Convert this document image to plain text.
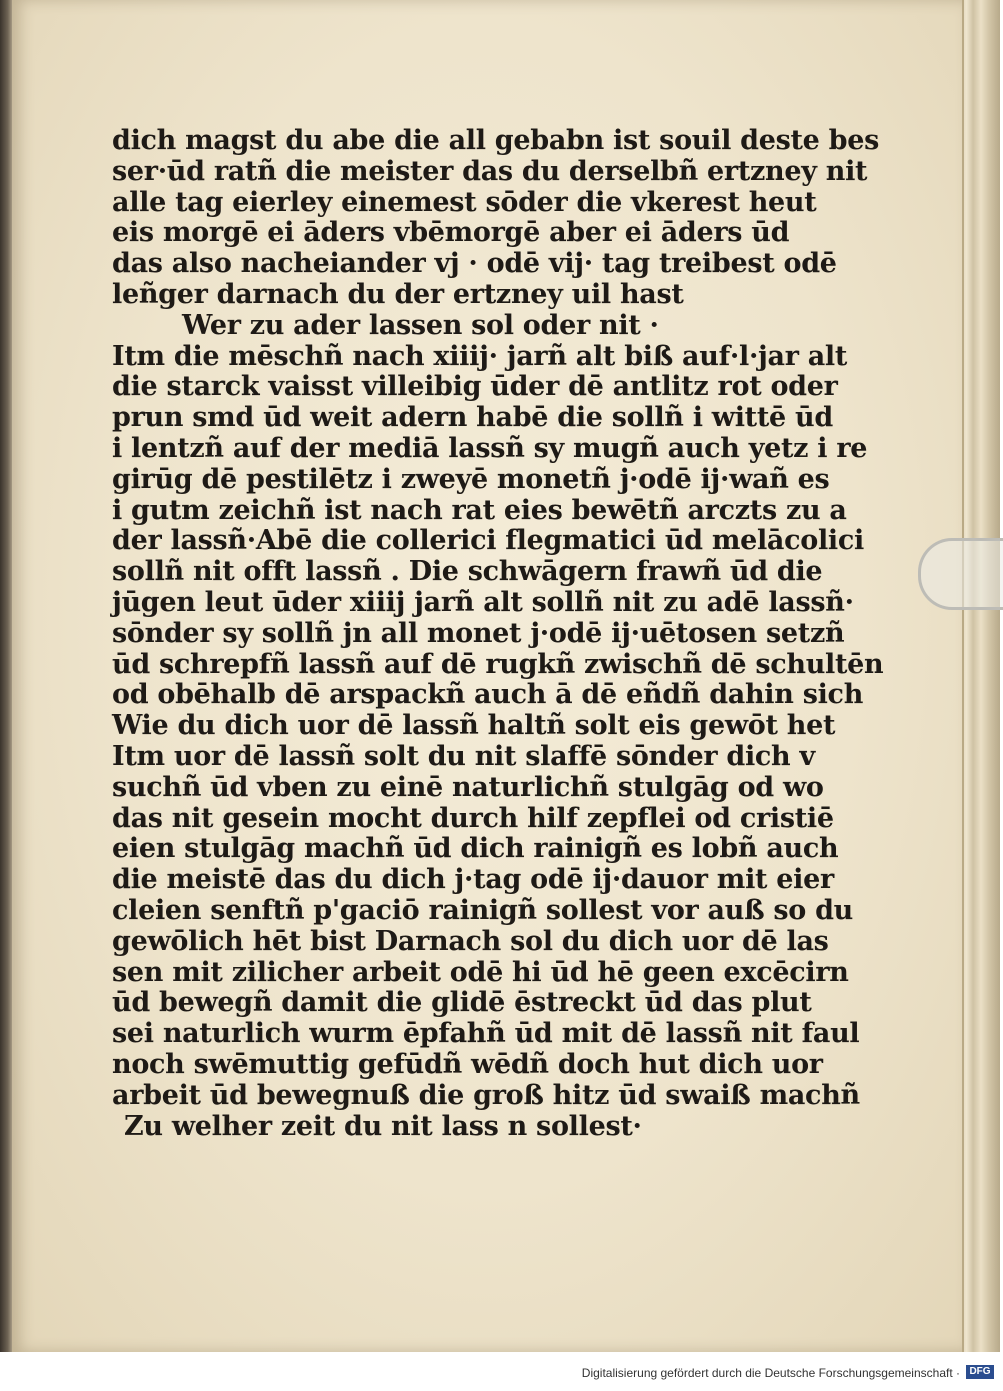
dich magst du abe die all gebabn ist souil deste bes
ser·ūd ratñ die meister das du derselbñ ertzney nit
alle tag eierley einemest sōder die vkerest heut
eis morgē ei āders vbēmorgē aber ei āders ūd
das also nacheiander vj · odē vij· tag treibest odē
leñger darnach du der ertzney uil hast
Wer zu ader lassen sol oder nit ·
Itm die mēschñ nach xiiij· jarñ alt biß auf·l·jar alt
die starck vaisst villeibig ūder dē antlitz rot oder
prun smd ūd weit adern habē die sollñ i wittē ūd
i lentzñ auf der mediā lassñ sy mugñ auch yetz i re
girūg dē pestilētz i zweyē monetñ j·odē ij·wañ es
i gutm zeichñ ist nach rat eies bewētñ arczts zu a
der lassñ·Abē die collerici flegmatici ūd melācolici
sollñ nit offt lassñ . Die schwāgern frawñ ūd die
jūgen leut ūder xiiij jarñ alt sollñ nit zu adē lassñ·
sōnder sy sollñ jn all monet j·odē ij·uētosen setzñ
ūd schrepfñ lassñ auf dē rugkñ zwischñ dē schultēn
od obēhalb dē arspackñ auch ā dē eñdñ dahin sich
Wie du dich uor dē lassñ haltñ solt eis gewōt het
Itm uor dē lassñ solt du nit slaffē sōnder dich v
suchñ ūd vben zu einē naturlichñ stulgāg od wo
das nit gesein mocht durch hilf zepflei od cristiē
eien stulgāg machñ ūd dich rainigñ es lobñ auch
die meistē das du dich j·tag odē ij·dauor mit eier
cleien senftñ p'gaciō rainigñ sollest vor auß so du
gewōlich hēt bist Darnach sol du dich uor dē las
sen mit zilicher arbeit odē hi ūd hē geen excēcirn
ūd bewegñ damit die glidē ēstreckt ūd das plut
sei naturlich wurm ēpfahñ ūd mit dē lassñ nit faul
noch swēmuttig gefūdñ wēdñ doch hut dich uor
arbeit ūd bewegnuß die groß hitz ūd swaiß machñ
Zu welher zeit du nit lass n sollest·
Digitalisierung gefördert durch die Deutsche Forschungsgemeinschaft · DFG
